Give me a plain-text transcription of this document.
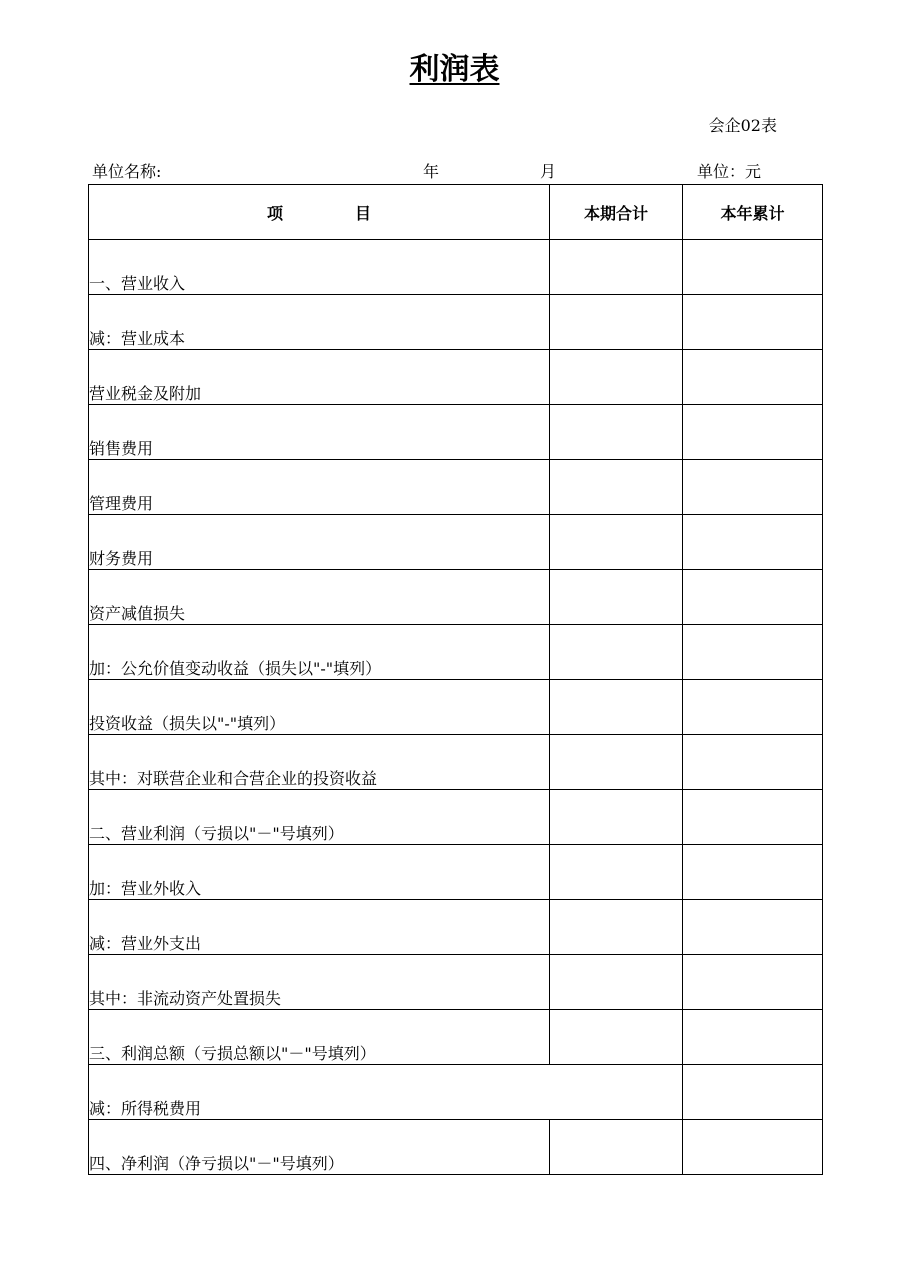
利润表
会企02表
单位名称:	年	月	单位：元
项 目	本期合计	本年累计
一、营业收入		
减：营业成本		
营业税金及附加		
销售费用		
管理费用		
财务费用		
资产减值损失		
加：公允价值变动收益（损失以"-"填列）		
投资收益（损失以"-"填列）		
其中：对联营企业和合营企业的投资收益		
二、营业利润（亏损以"－"号填列）		
加：营业外收入		
减：营业外支出		
其中：非流动资产处置损失		
三、利润总额（亏损总额以"－"号填列）		
减：所得税费用		
四、净利润（净亏损以"－"号填列）		
